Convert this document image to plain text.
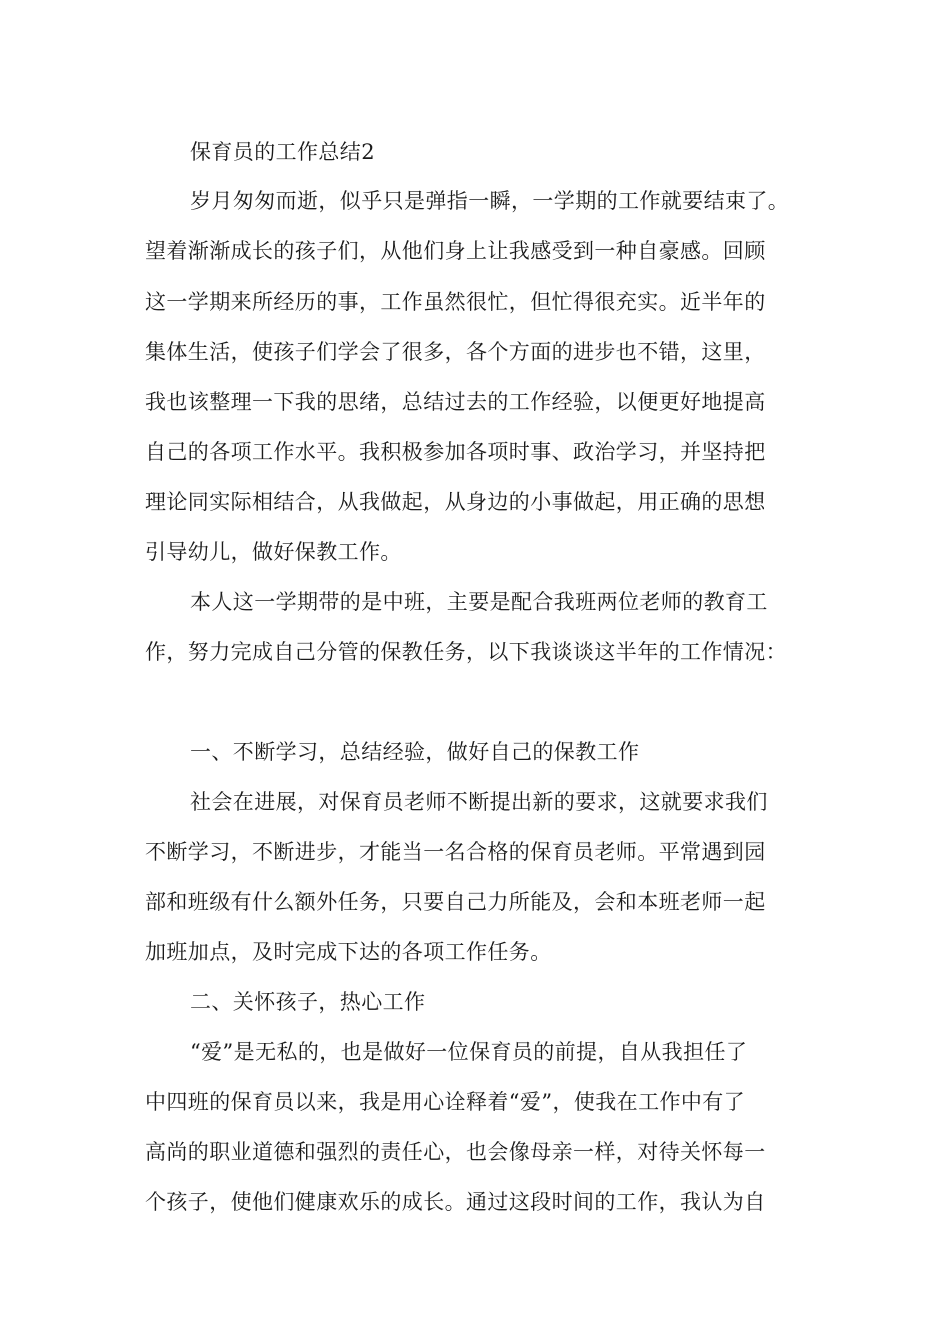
保育员的工作总结2
岁月匆匆而逝，似乎只是弹指一瞬，一学期的工作就要结束了。
望着渐渐成长的孩子们，从他们身上让我感受到一种自豪感。回顾
这一学期来所经历的事，工作虽然很忙，但忙得很充实。近半年的
集体生活，使孩子们学会了很多，各个方面的进步也不错，这里，
我也该整理一下我的思绪，总结过去的工作经验，以便更好地提高
自己的各项工作水平。我积极参加各项时事、政治学习，并坚持把
理论同实际相结合，从我做起，从身边的小事做起，用正确的思想
引导幼儿，做好保教工作。
本人这一学期带的是中班，主要是配合我班两位老师的教育工
作，努力完成自己分管的保教任务，以下我谈谈这半年的工作情况：
一、不断学习，总结经验，做好自己的保教工作
社会在进展，对保育员老师不断提出新的要求，这就要求我们
不断学习，不断进步，才能当一名合格的保育员老师。平常遇到园
部和班级有什么额外任务，只要自己力所能及，会和本班老师一起
加班加点，及时完成下达的各项工作任务。
二、关怀孩子，热心工作
“爱”是无私的，也是做好一位保育员的前提，自从我担任了
中四班的保育员以来，我是用心诠释着“爱”，使我在工作中有了
高尚的职业道德和强烈的责任心，也会像母亲一样，对待关怀每一
个孩子，使他们健康欢乐的成长。通过这段时间的工作，我认为自
